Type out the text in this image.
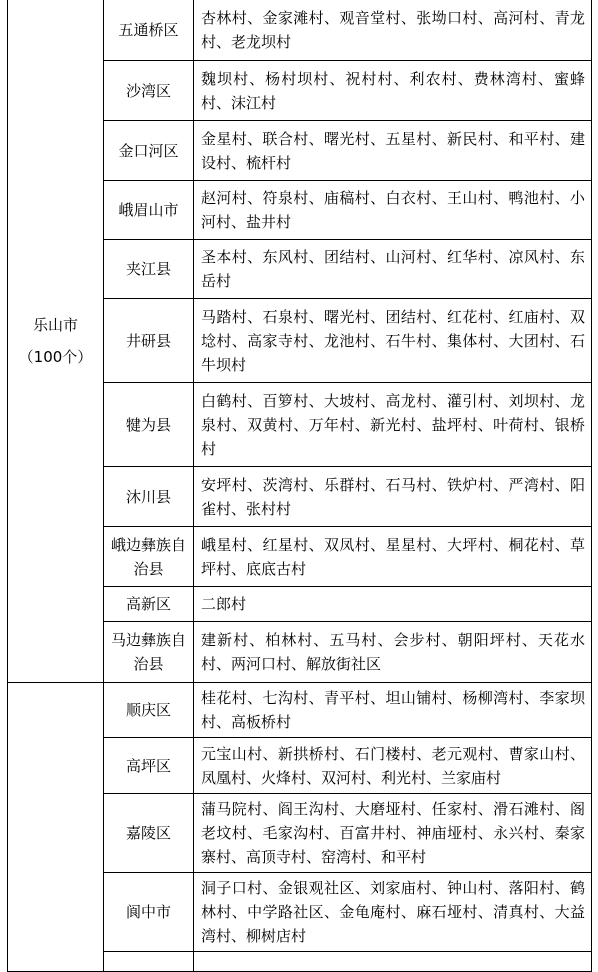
乐山市
（100个）	五通桥区	杏林村、金家滩村、观音堂村、张坳口村、高河村、青龙村、老龙坝村
	沙湾区	魏坝村、杨村坝村、祝村村、利农村、费林湾村、蜜蜂村、沫江村
	金口河区	金星村、联合村、曙光村、五星村、新民村、和平村、建设村、梳杆村
	峨眉山市	赵河村、符泉村、庙稿村、白衣村、王山村、鸭池村、小河村、盐井村
	夹江县	圣本村、东风村、团结村、山河村、红华村、凉风村、东岳村
	井研县	马踏村、石泉村、曙光村、团结村、红花村、红庙村、双埝村、高家寺村、龙池村、石牛村、集体村、大团村、石牛坝村
	犍为县	白鹤村、百箩村、大坡村、高龙村、灌引村、刘坝村、龙泉村、双黄村、万年村、新光村、盐坪村、叶荷村、银桥村
	沐川县	安坪村、茨湾村、乐群村、石马村、铁炉村、严湾村、阳雀村、张村村
	峨边彝族自治县	峨星村、红星村、双凤村、星星村、大坪村、桐花村、草坪村、底底古村
	高新区	二郎村
	马边彝族自治县	建新村、柏林村、五马村、会步村、朝阳坪村、天花水村、两河口村、解放街社区

	顺庆区	桂花村、七沟村、青平村、坦山铺村、杨柳湾村、李家坝村、高板桥村
	高坪区	元宝山村、新拱桥村、石门楼村、老元观村、曹家山村、凤凰村、火烽村、双河村、利光村、兰家庙村
	嘉陵区	蒲马院村、阎王沟村、大磨垭村、任家村、滑石滩村、阁老坟村、毛家沟村、百富井村、神庙垭村、永兴村、秦家寨村、高顶寺村、窑湾村、和平村
	阆中市	洞子口村、金银观社区、刘家庙村、钟山村、落阳村、鹤林村、中学路社区、金龟庵村、麻石垭村、清真村、大益湾村、柳树店村
